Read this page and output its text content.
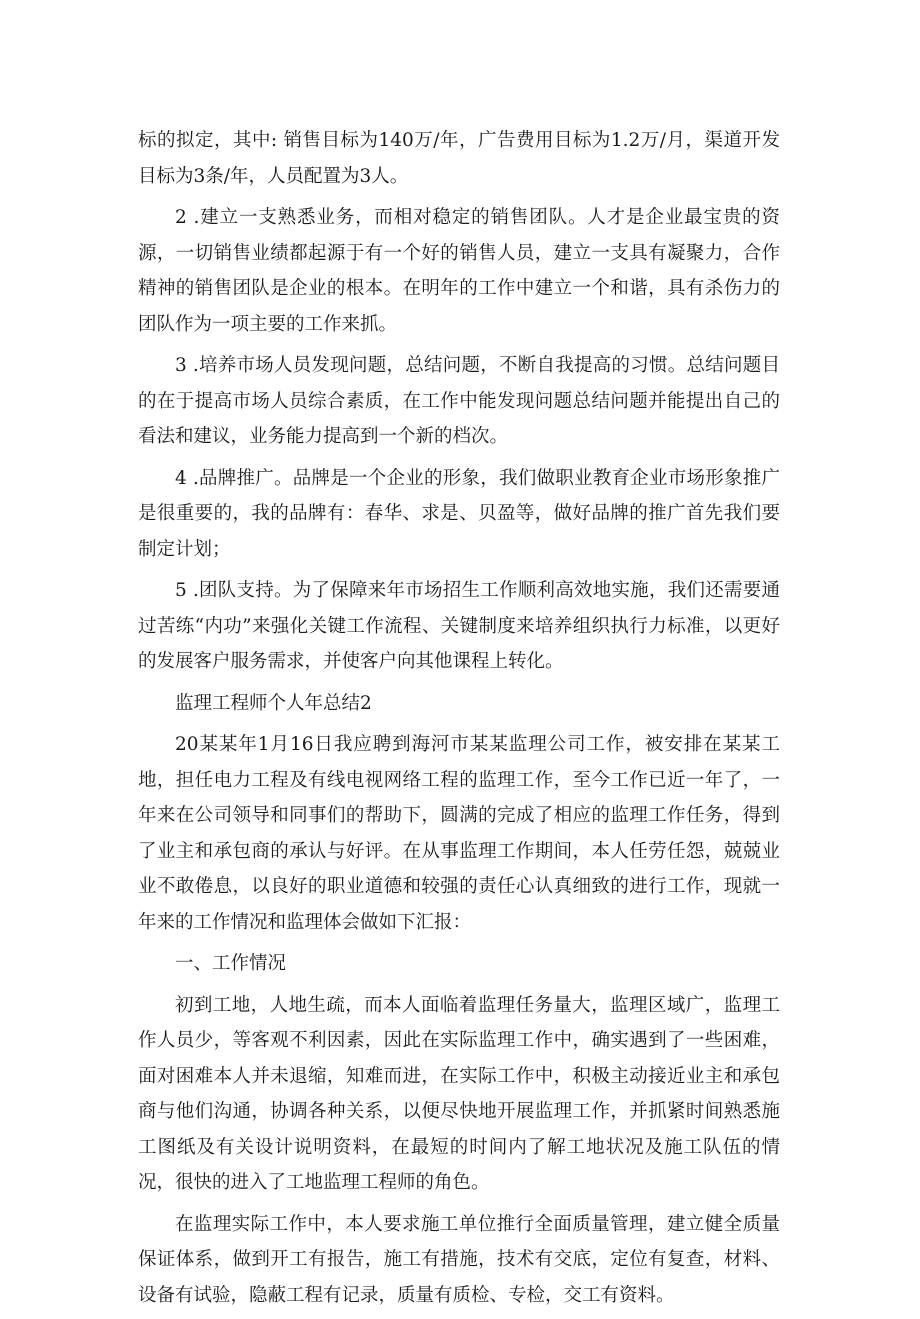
标的拟定，其中: 销售目标为140万/年，广告费用目标为1.2万/月，渠道开发目标为3条/年，人员配置为3人。

2 .建立一支熟悉业务，而相对稳定的销售团队。人才是企业最宝贵的资源，一切销售业绩都起源于有一个好的销售人员，建立一支具有凝聚力，合作精神的销售团队是企业的根本。在明年的工作中建立一个和谐，具有杀伤力的团队作为一项主要的工作来抓。

3 .培养市场人员发现问题，总结问题，不断自我提高的习惯。总结问题目的在于提高市场人员综合素质，在工作中能发现问题总结问题并能提出自己的看法和建议，业务能力提高到一个新的档次。

4 .品牌推广。品牌是一个企业的形象，我们做职业教育企业市场形象推广是很重要的，我的品牌有：春华、求是、贝盈等，做好品牌的推广首先我们要制定计划；

5 .团队支持。为了保障来年市场招生工作顺利高效地实施，我们还需要通过苦练“内功”来强化关键工作流程、关键制度来培养组织执行力标准，以更好的发展客户服务需求，并使客户向其他课程上转化。

监理工程师个人年总结2

20某某年1月16日我应聘到海河市某某监理公司工作，被安排在某某工地，担任电力工程及有线电视网络工程的监理工作，至今工作已近一年了，一年来在公司领导和同事们的帮助下，圆满的完成了相应的监理工作任务，得到了业主和承包商的承认与好评。在从事监理工作期间，本人任劳任怨，兢兢业业不敢倦息，以良好的职业道德和较强的责任心认真细致的进行工作，现就一年来的工作情况和监理体会做如下汇报：

一、工作情况

初到工地，人地生疏，而本人面临着监理任务量大，监理区域广，监理工作人员少，等客观不利因素，因此在实际监理工作中，确实遇到了一些困难，面对困难本人并未退缩，知难而进，在实际工作中，积极主动接近业主和承包商与他们沟通，协调各种关系，以便尽快地开展监理工作，并抓紧时间熟悉施工图纸及有关设计说明资料，在最短的时间内了解工地状况及施工队伍的情况，很快的进入了工地监理工程师的角色。

在监理实际工作中，本人要求施工单位推行全面质量管理，建立健全质量保证体系，做到开工有报告，施工有措施，技术有交底，定位有复查，材料、设备有试验，隐蔽工程有记录，质量有质检、专检，交工有资料。
